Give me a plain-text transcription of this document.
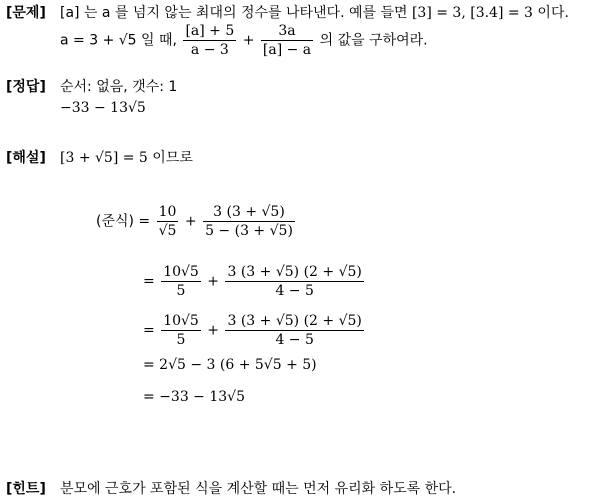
[문제] [a] 는 a 를 넘지 않는 최대의 정수를 나타낸다. 예를 들면 [3] = 3, [3.4] = 3 이다.
a = 3 + √5 일 때, $\frac{[a] + 5}{a - 3} + \frac{3a}{[a] - a}$ 의 값을 구하여라.
[정답] 순서: 없음, 갯수: 1
−33 − 13√5
[해설] [3 + √5] = 5 이므로
(준식) = $\frac{10}{√5} + \frac{3 (3 + √5)}{5 - (3 + √5)}$
= $\frac{10√5}{5} + \frac{3 (3 + √5) (2 + √5)}{4 - 5}$
= $\frac{10√5}{5} + \frac{3 (3 + √5) (2 + √5)}{4 - 5}$
= 2√5 − 3 (6 + 5√5 + 5)
= −33 − 13√5
[힌트] 분모에 근호가 포함된 식을 계산할 때는 먼저 유리화 하도록 한다.
